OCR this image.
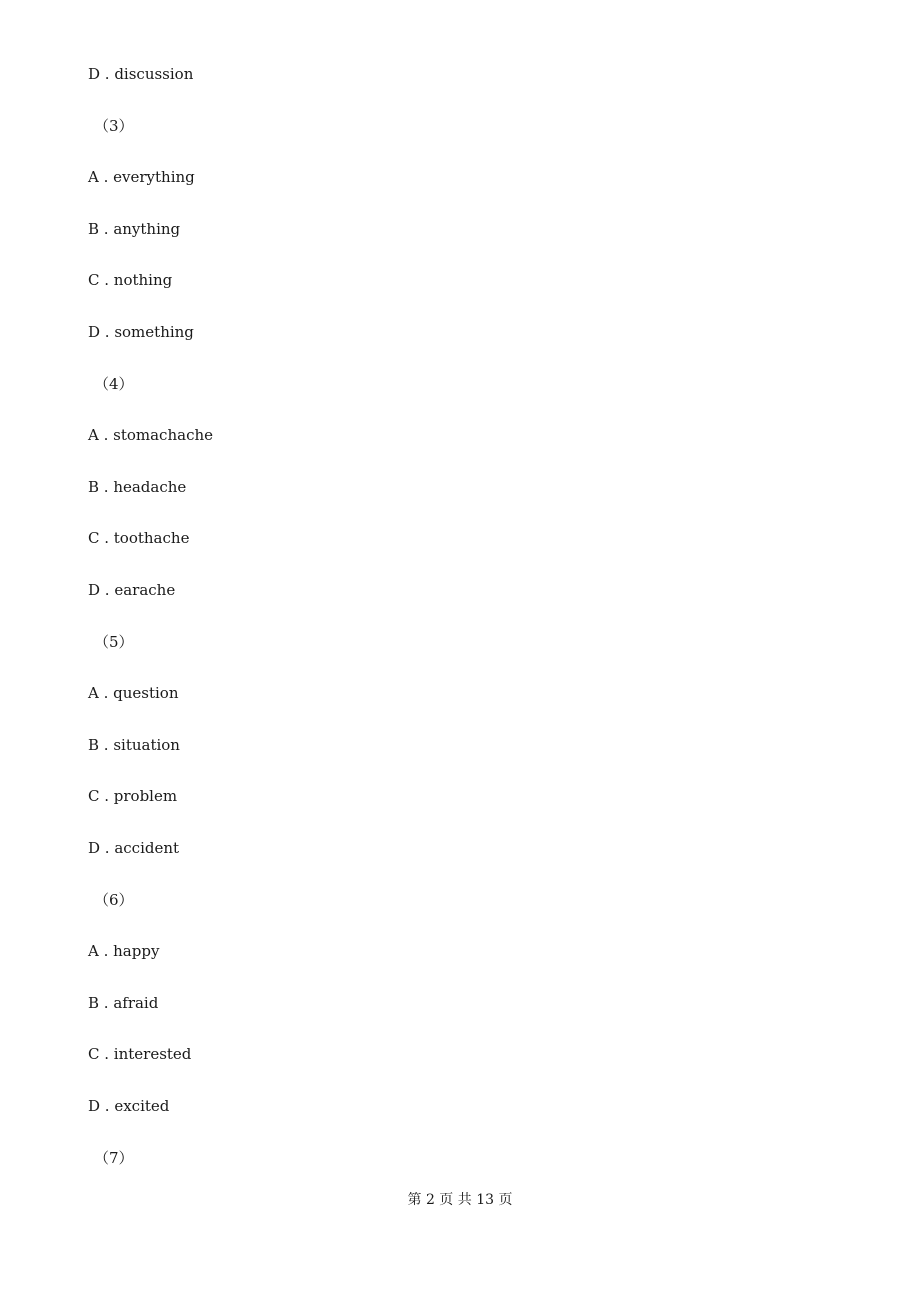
D . discussion
（3）
A . everything
B . anything
C . nothing
D . something
（4）
A . stomachache
B . headache
C . toothache
D . earache
（5）
A . question
B . situation
C . problem
D . accident
（6）
A . happy
B . afraid
C . interested
D . excited
（7）
第 2 页 共 13 页
